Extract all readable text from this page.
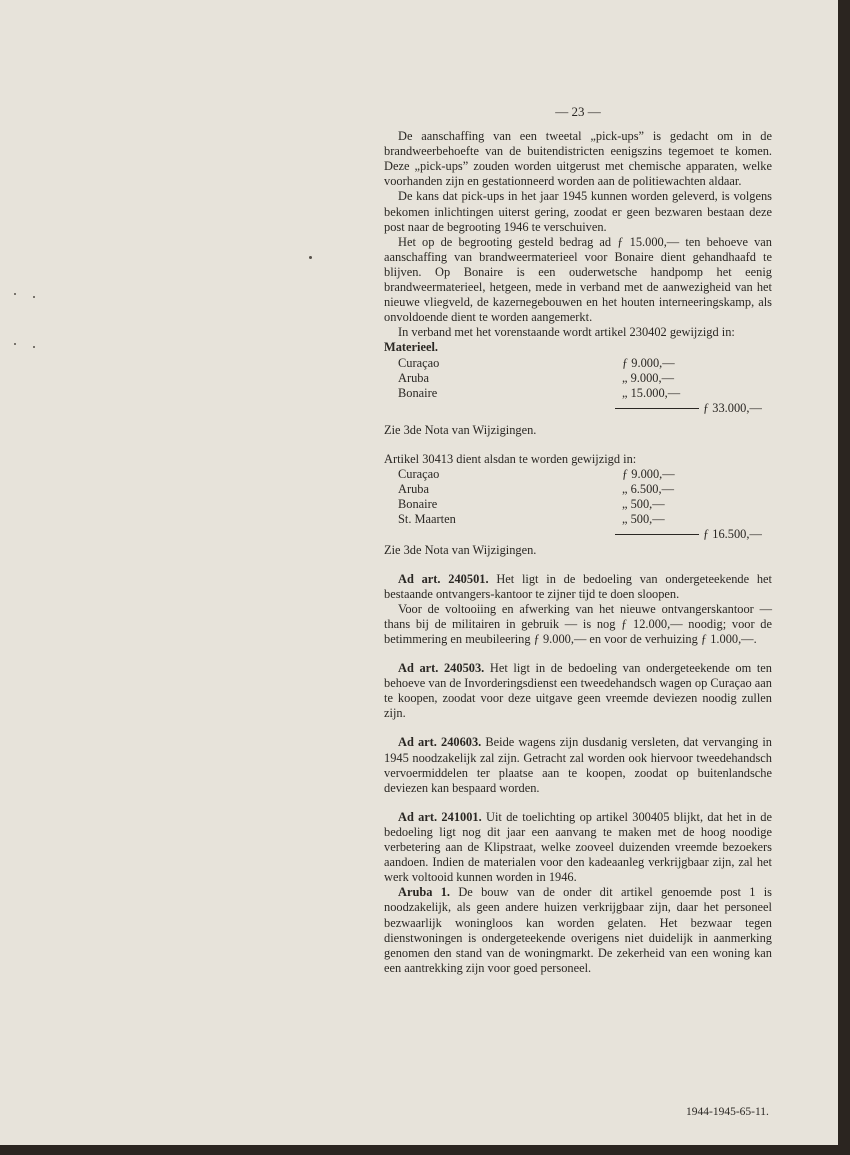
— 23 —

De aanschaffing van een tweetal „pick-ups” is gedacht om in de brandweerbehoefte van de buitendistricten eenigszins tegemoet te komen. Deze „pick-ups” zouden worden uitgerust met chemische apparaten, welke voorhanden zijn en gestationneerd worden aan de politiewachten aldaar.

De kans dat pick-ups in het jaar 1945 kunnen worden geleverd, is volgens bekomen inlichtingen uiterst gering, zoodat er geen bezwaren bestaan deze post naar de begrooting 1946 te verschuiven.

Het op de begrooting gesteld bedrag ad ƒ 15.000,— ten behoeve van aanschaffing van brandweermaterieel voor Bonaire dient gehandhaafd te blijven. Op Bonaire is een ouderwetsche handpomp het eenig brandweermaterieel, hetgeen, mede in verband met de aanwezigheid van het nieuwe vliegveld, de kazernegebouwen en het houten interneeringskamp, als onvoldoende dient te worden aangemerkt.

In verband met het vorenstaande wordt artikel 230402 gewijzigd in:

Materieel.
Curaçao	ƒ 9.000,—
Aruba	„ 9.000,—
Bonaire	„ 15.000,—
ƒ 33.000,—

Zie 3de Nota van Wijzigingen.

Artikel 30413 dient alsdan te worden gewijzigd in:

Curaçao	ƒ 9.000,—
Aruba	„ 6.500,—
Bonaire	„ 500,—
St. Maarten	„ 500,—
ƒ 16.500,—

Zie 3de Nota van Wijzigingen.

Ad art. 240501. Het ligt in de bedoeling van ondergeteekende het bestaande ontvangers-kantoor te zijner tijd te doen sloopen.

Voor de voltooiing en afwerking van het nieuwe ontvangerskantoor — thans bij de militairen in gebruik — is nog ƒ 12.000,— noodig; voor de betimmering en meubileering ƒ 9.000,— en voor de verhuizing ƒ 1.000,—.

Ad art. 240503. Het ligt in de bedoeling van ondergeteekende om ten behoeve van de Invorderingsdienst een tweedehandsch wagen op Curaçao aan te koopen, zoodat voor deze uitgave geen vreemde deviezen noodig zullen zijn.

Ad art. 240603. Beide wagens zijn dusdanig versleten, dat vervanging in 1945 noodzakelijk zal zijn. Getracht zal worden ook hiervoor tweedehandsch vervoermiddelen ter plaatse aan te koopen, zoodat op buitenlandsche deviezen kan bespaard worden.

Ad art. 241001. Uit de toelichting op artikel 300405 blijkt, dat het in de bedoeling ligt nog dit jaar een aanvang te maken met de hoog noodige verbetering aan de Klipstraat, welke zooveel duizenden vreemde bezoekers aandoen. Indien de materialen voor den kadeaanleg verkrijgbaar zijn, zal het werk voltooid kunnen worden in 1946.

Aruba 1. De bouw van de onder dit artikel genoemde post 1 is noodzakelijk, als geen andere huizen verkrijgbaar zijn, daar het personeel bezwaarlijk woningloos kan worden gelaten. Het bezwaar tegen dienstwoningen is ondergeteekende overigens niet duidelijk in aanmerking genomen den stand van de woningmarkt. De zekerheid van een woning kan een aantrekking zijn voor goed personeel.

1944-1945-65-11.
